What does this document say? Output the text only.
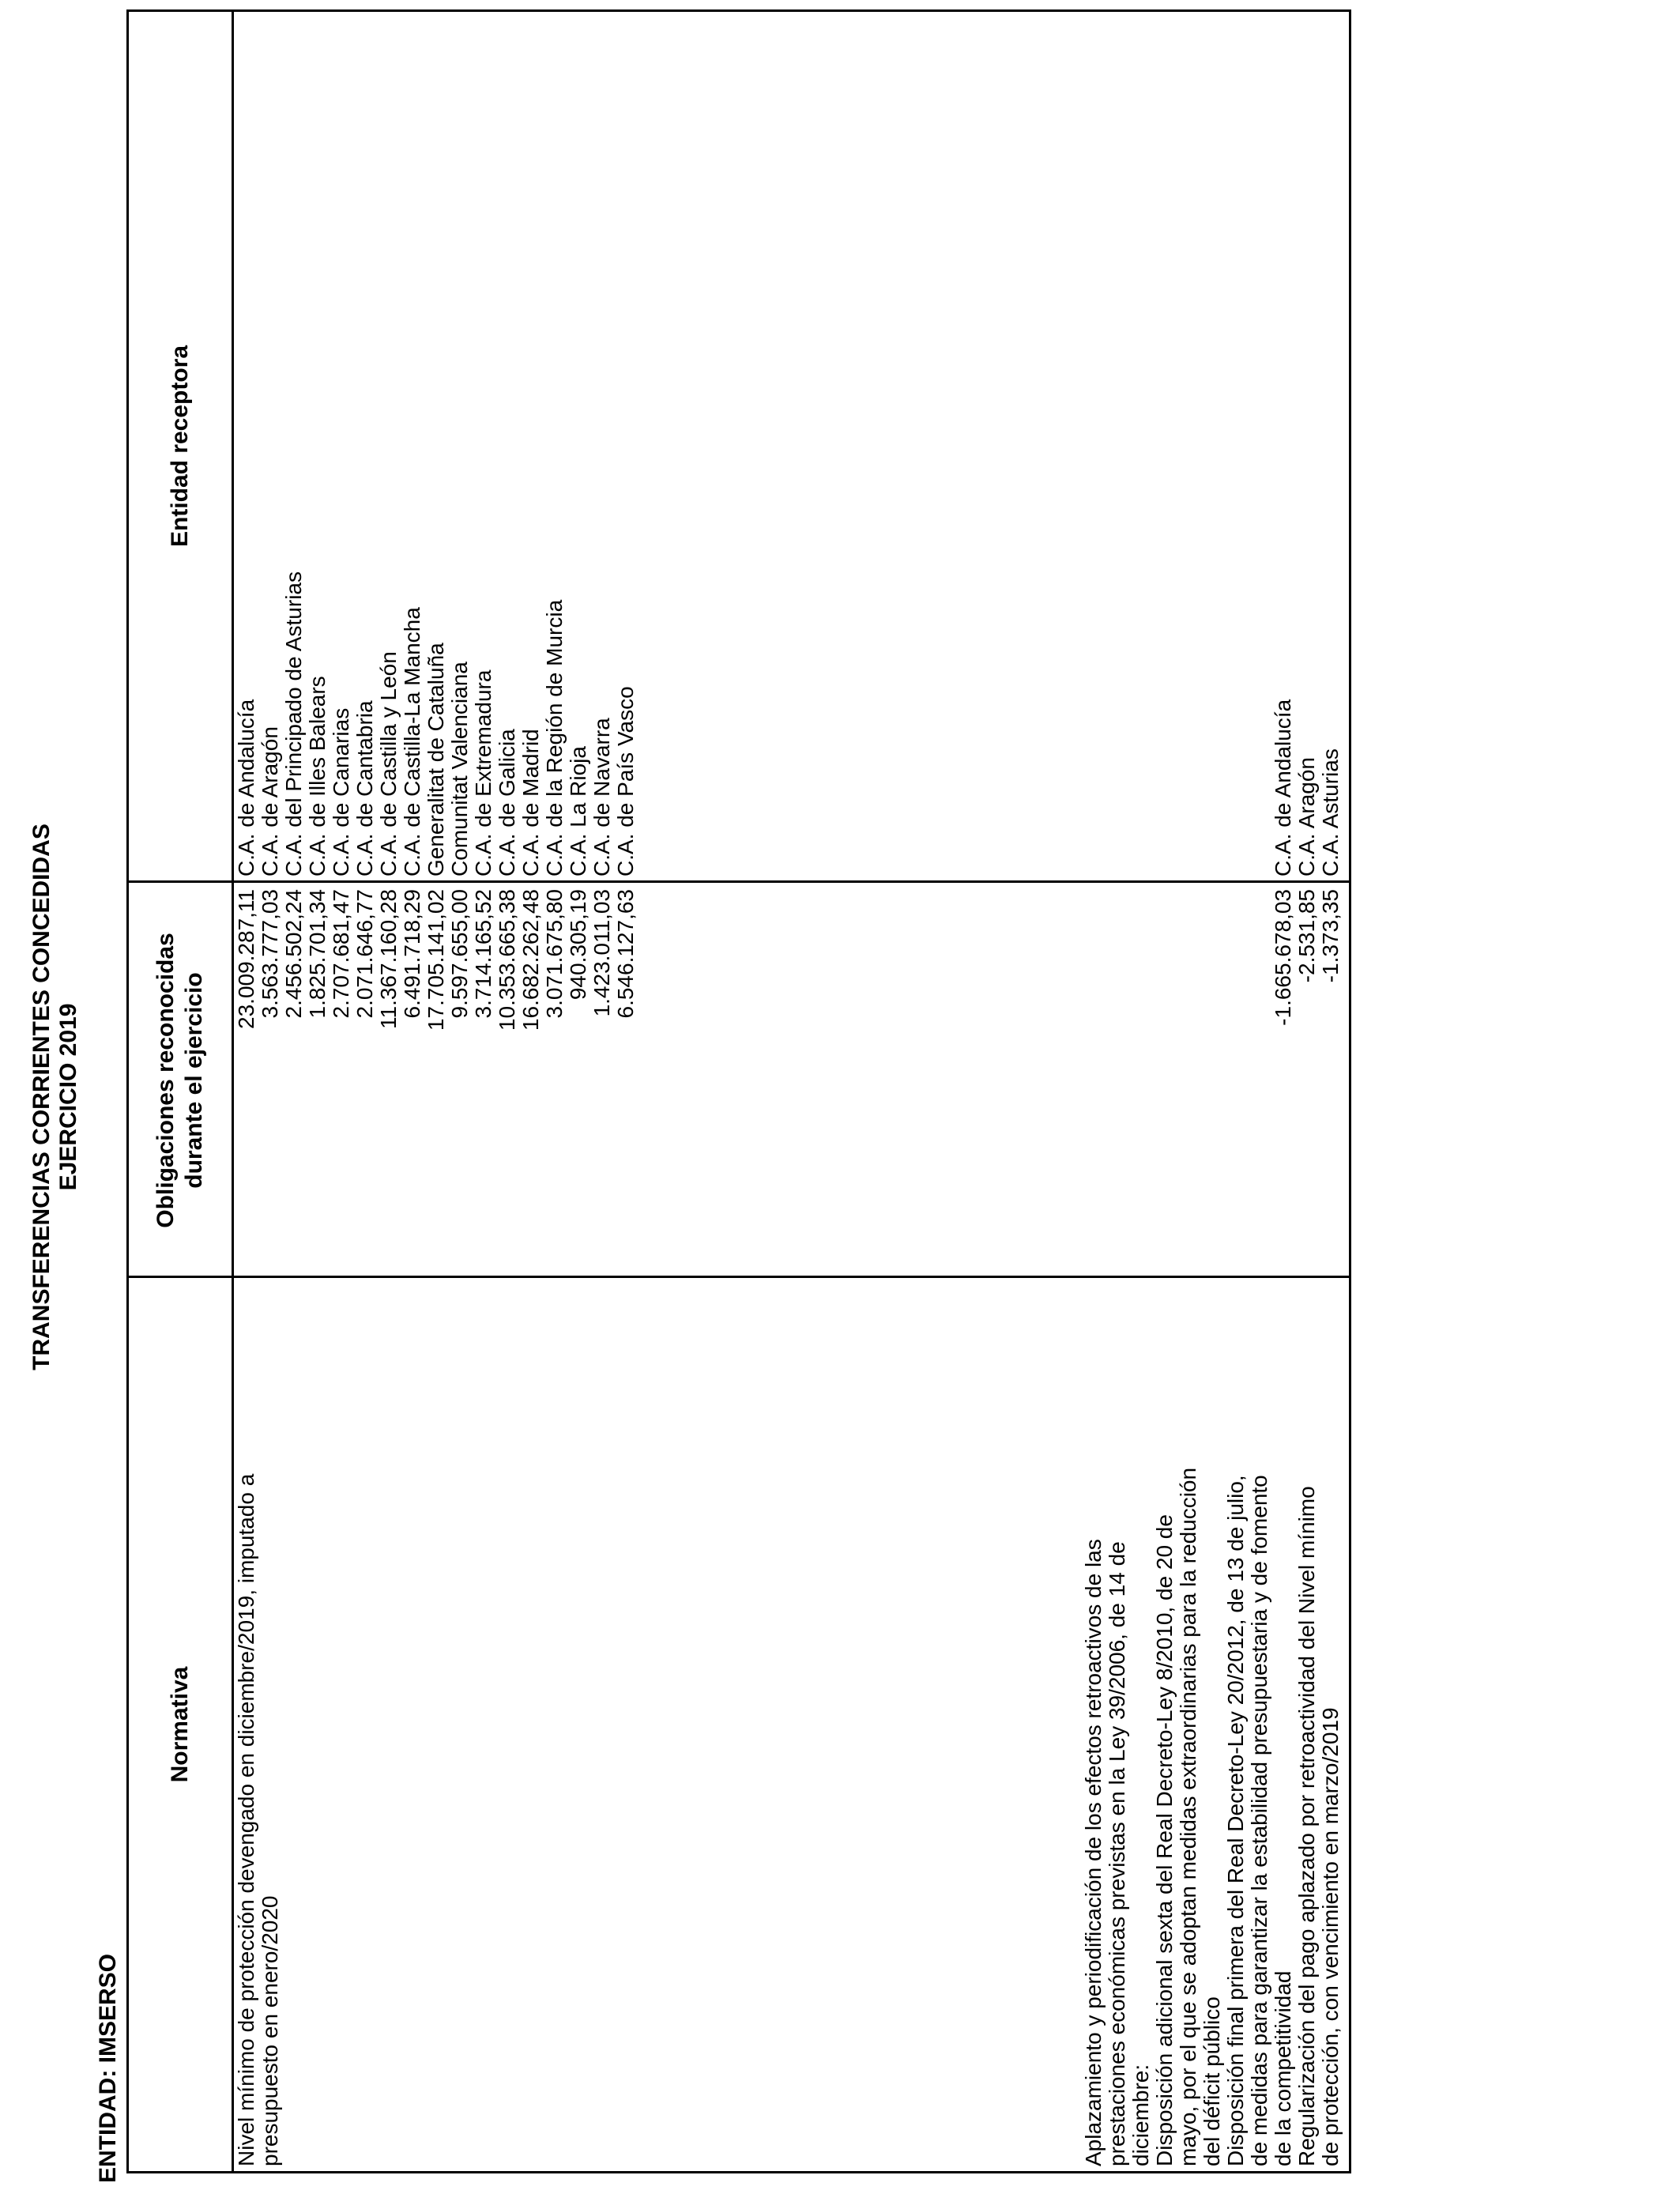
TRANSFERENCIAS CORRIENTES CONCEDIDAS EJERCICIO 2019
ENTIDAD: IMSERSO
Normativa
Obligaciones reconocidas durante el ejercicio
Entidad receptora
Nivel mínimo de protección devengado en diciembre/2019, imputado a presupuesto en enero/2020
23.009.287,11
C.A. de Andalucía
3.563.777,03
C.A. de Aragón
2.456.502,24
C.A. del Principado de Asturias
1.825.701,34
C.A. de Illes Balears
2.707.681,47
C.A. de Canarias
2.071.646,77
C.A. de Cantabria
11.367.160,28
C.A. de Castilla y León
6.491.718,29
C.A. de Castilla-La Mancha
17.705.141,02
Generalitat de Cataluña
9.597.655,00
Comunitat Valenciana
3.714.165,52
C.A. de Extremadura
10.353.665,38
C.A. de Galicia
16.682.262,48
C.A. de Madrid
3.071.675,80
C.A. de la Región de Murcia
940.305,19
C.A. La Rioja
1.423.011,03
C.A. de Navarra
6.546.127,63
C.A. de País Vasco
Aplazamiento y periodificación de los efectos retroactivos de las prestaciones económicas previstas en la Ley 39/2006, de 14 de diciembre: Disposición adicional sexta del Real Decreto-Ley 8/2010, de 20 de mayo, por el que se adoptan medidas extraordinarias para la reducción del déficit público Disposición final primera del Real Decreto-Ley 20/2012, de 13 de julio, de medidas para garantizar la estabilidad presupuestaria y de fomento de la competitividad Regularización del pago aplazado por retroactividad del Nivel mínimo de protección, con vencimiento en marzo/2019
-1.665.678,03
C.A. de Andalucía
-2.531,85
C.A. Aragón
-1.373,35
C.A. Asturias
